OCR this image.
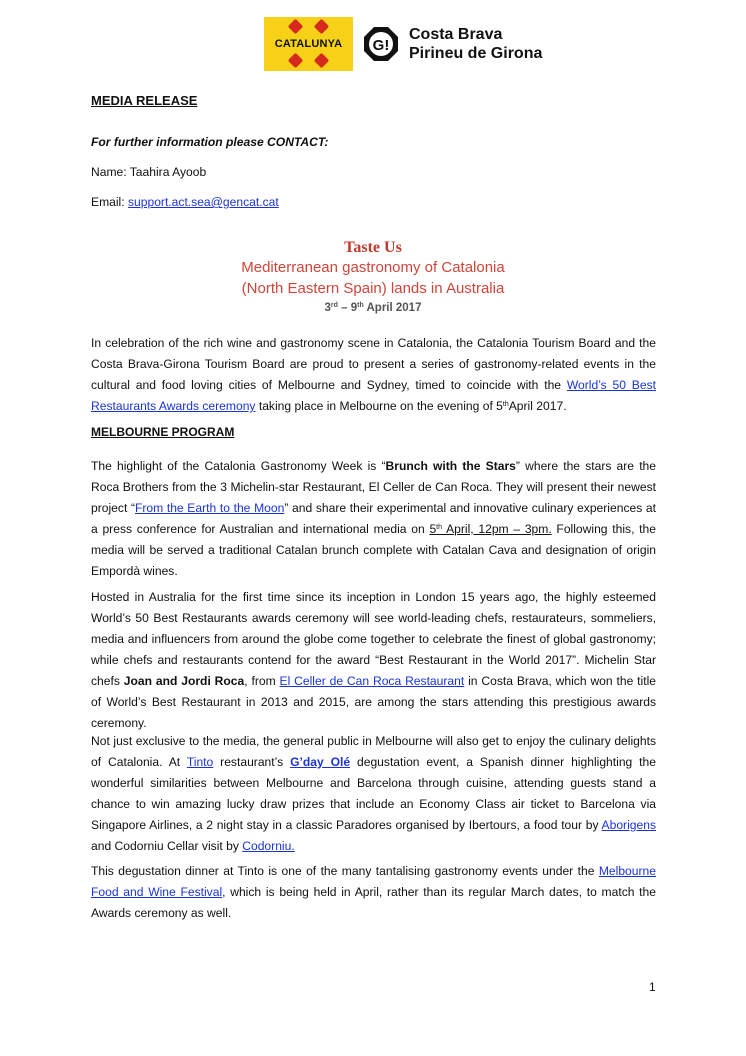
CATALUNYA	G!
Costa Brava
Pirineu de Girona
MEDIA RELEASE
For further information please CONTACT:
Name: Taahira Ayoob
Email: support.act.sea@gencat.cat
Taste Us
Mediterranean gastronomy of Catalonia
(North Eastern Spain) lands in Australia
3rd – 9th April 2017
In celebration of the rich wine and gastronomy scene in Catalonia, the Catalonia Tourism Board and the Costa Brava-Girona Tourism Board are proud to present a series of gastronomy-related events in the cultural and food loving cities of Melbourne and Sydney, timed to coincide with the World’s 50 Best Restaurants Awards ceremony taking place in Melbourne on the evening of 5thApril 2017.
MELBOURNE PROGRAM
The highlight of the Catalonia Gastronomy Week is “Brunch with the Stars” where the stars are the Roca Brothers from the 3 Michelin-star Restaurant, El Celler de Can Roca. They will present their newest project “From the Earth to the Moon” and share their experimental and innovative culinary experiences at a press conference for Australian and international media on 5th April, 12pm – 3pm. Following this, the media will be served a traditional Catalan brunch complete with Catalan Cava and designation of origin Empordà wines.
Hosted in Australia for the first time since its inception in London 15 years ago, the highly esteemed World’s 50 Best Restaurants awards ceremony will see world-leading chefs, restaurateurs, sommeliers, media and influencers from around the globe come together to celebrate the finest of global gastronomy; while chefs and restaurants contend for the award “Best Restaurant in the World 2017”. Michelin Star chefs Joan and Jordi Roca, from El Celler de Can Roca Restaurant in Costa Brava, which won the title of World’s Best Restaurant in 2013 and 2015, are among the stars attending this prestigious awards ceremony.
Not just exclusive to the media, the general public in Melbourne will also get to enjoy the culinary delights of Catalonia. At Tinto restaurant’s G’day Olé degustation event, a Spanish dinner highlighting the wonderful similarities between Melbourne and Barcelona through cuisine, attending guests stand a chance to win amazing lucky draw prizes that include an Economy Class air ticket to Barcelona via Singapore Airlines, a 2 night stay in a classic Paradores organised by Ibertours, a food tour by Aborigens and Codorniu Cellar visit by Codorniu.
This degustation dinner at Tinto is one of the many tantalising gastronomy events under the Melbourne Food and Wine Festival, which is being held in April, rather than its regular March dates, to match the Awards ceremony as well.
1
